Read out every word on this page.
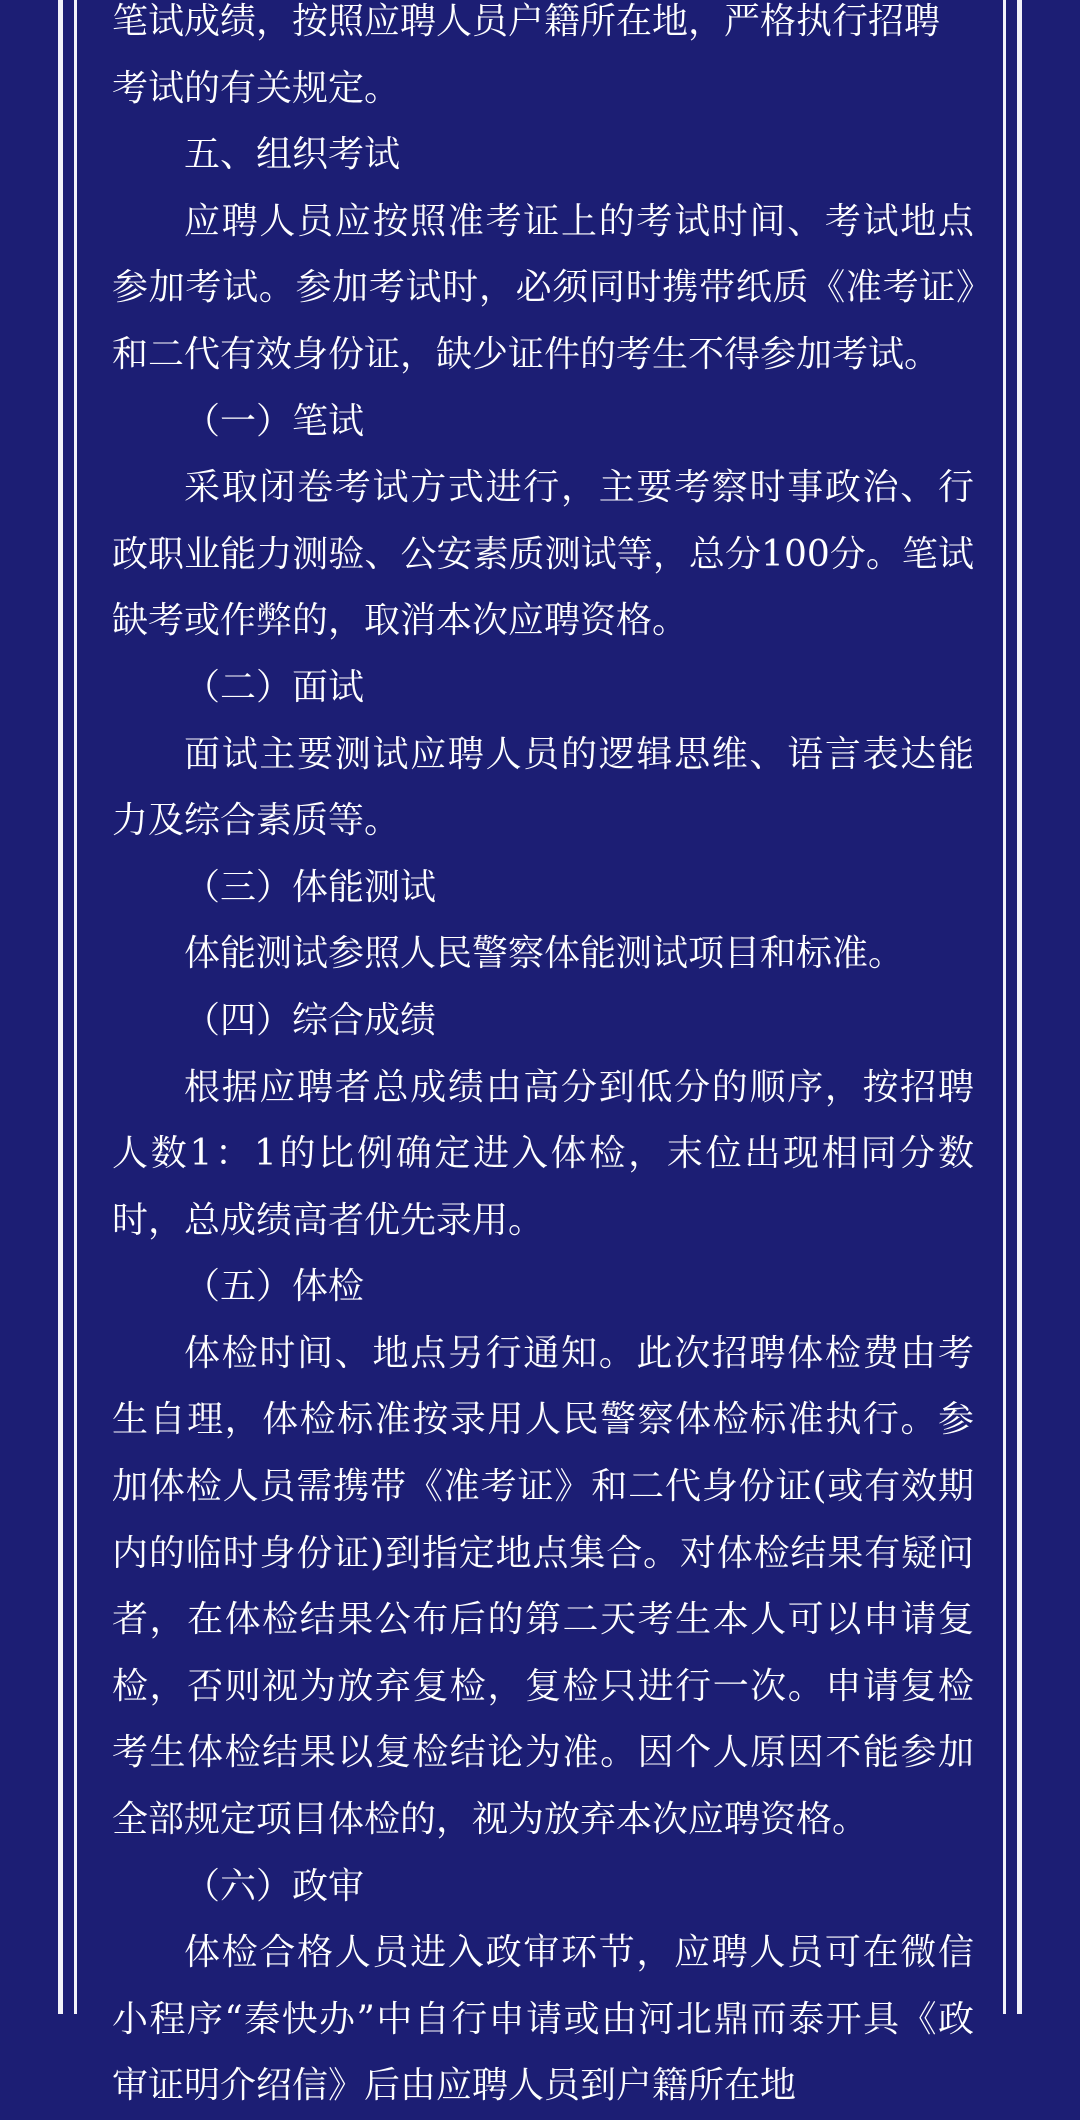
笔试成绩，按照应聘人员户籍所在地，严格执行招聘

考试的有关规定。

五、组织考试

应聘人员应按照准考证上的考试时间、考试地点参加考试。参加考试时，必须同时携带纸质《准考证》和二代有效身份证，缺少证件的考生不得参加考试。

（一）笔试

采取闭卷考试方式进行，主要考察时事政治、行政职业能力测验、公安素质测试等，总分100分。笔试缺考或作弊的，取消本次应聘资格。

（二）面试

面试主要测试应聘人员的逻辑思维、语言表达能力及综合素质等。

（三）体能测试

体能测试参照人民警察体能测试项目和标准。

（四）综合成绩

根据应聘者总成绩由高分到低分的顺序，按招聘人数1：1的比例确定进入体检，末位出现相同分数时，总成绩高者优先录用。

（五）体检

体检时间、地点另行通知。此次招聘体检费由考生自理，体检标准按录用人民警察体检标准执行。参加体检人员需携带《准考证》和二代身份证(或有效期内的临时身份证)到指定地点集合。对体检结果有疑问者，在体检结果公布后的第二天考生本人可以申请复检，否则视为放弃复检，复检只进行一次。申请复检考生体检结果以复检结论为准。因个人原因不能参加全部规定项目体检的，视为放弃本次应聘资格。

（六）政审

体检合格人员进入政审环节，应聘人员可在微信小程序“秦快办”中自行申请或由河北鼎而泰开具《政审证明介绍信》后由应聘人员到户籍所在地
